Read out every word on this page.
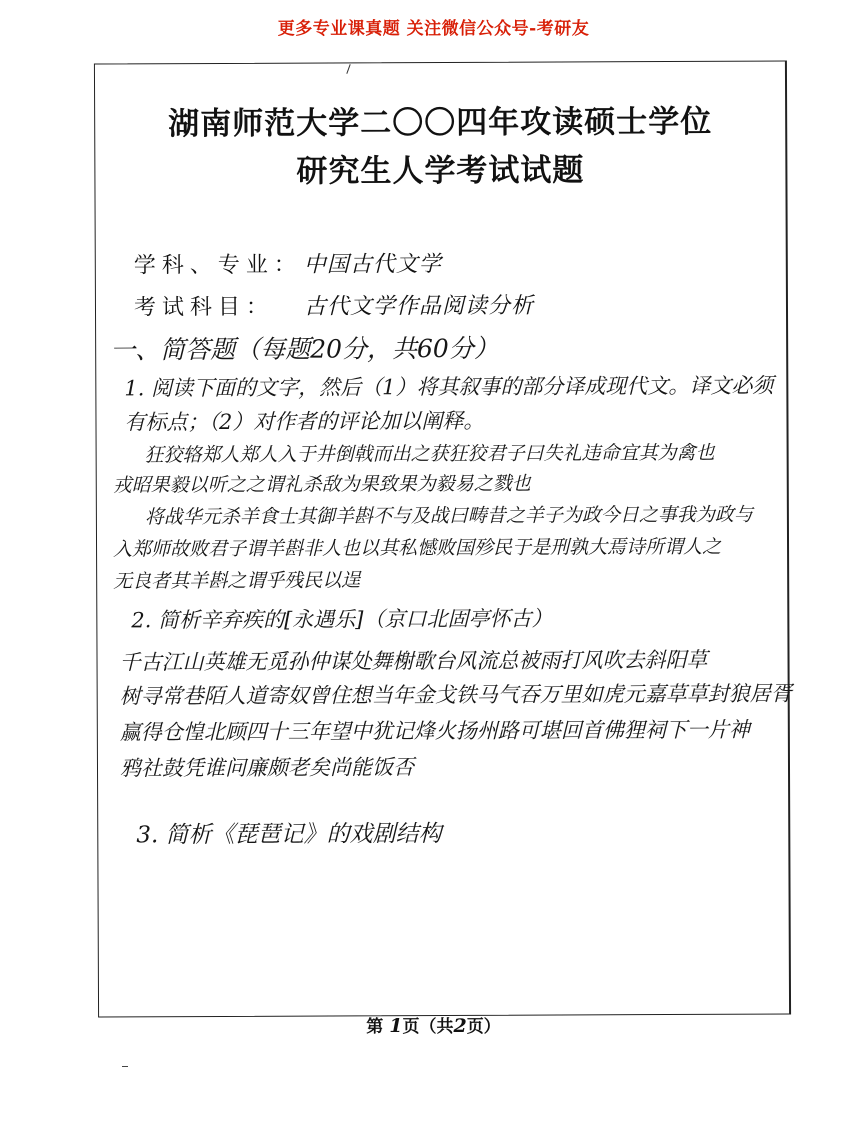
更多专业课真题 关注微信公众号-考研友
湖南师范大学二〇〇四年攻读硕士学位
研究生人学考试试题
学科、专业：中国古代文学
考试科目： 古代文学作品阅读分析
一、简答题（每题20分，共60分）
1. 阅读下面的文字，然后（1）将其叙事的部分译成现代文。译文必须
有标点；（2）对作者的评论加以阐释。
狂狡辂郑人郑人入于井倒戟而出之获狂狡君子曰失礼违命宜其为禽也
戎昭果毅以听之之谓礼杀敌为果致果为毅易之戮也
将战华元杀羊食士其御羊斟不与及战曰畴昔之羊子为政今日之事我为政与
入郑师故败君子谓羊斟非人也以其私憾败国殄民于是刑孰大焉诗所谓人之
无良者其羊斟之谓乎残民以逞
2. 简析辛弃疾的[永遇乐]（京口北固亭怀古）
千古江山英雄无觅孙仲谋处舞榭歌台风流总被雨打风吹去斜阳草
树寻常巷陌人道寄奴曾住想当年金戈铁马气吞万里如虎元嘉草草封狼居胥
赢得仓惶北顾四十三年望中犹记烽火扬州路可堪回首佛狸祠下一片神
鸦社鼓凭谁问廉颇老矣尚能饭否
3. 简析《琵琶记》的戏剧结构
第 1页（共2页）
